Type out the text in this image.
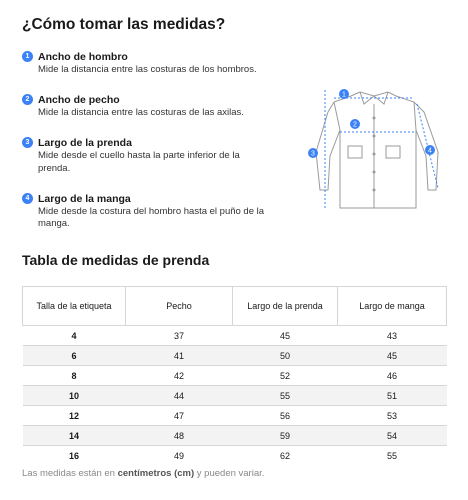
¿Cómo tomar las medidas?
1 Ancho de hombro
Mide la distancia entre las costuras de los hombros.
2 Ancho de pecho
Mide la distancia entre las costuras de las axilas.
3 Largo de la prenda
Mide desde el cuello hasta la parte inferior de la prenda.
4 Largo de la manga
Mide desde la costura del hombro hasta el puño de la manga.
1
2
3	4
Tabla de medidas de prenda
Talla de la etiqueta	Pecho	Largo de la prenda	Largo de manga
4	37	45	43
6	41	50	45
8	42	52	46
10	44	55	51
12	47	56	53
14	48	59	54
16	49	62	55
Las medidas están en centímetros (cm) y pueden variar.
